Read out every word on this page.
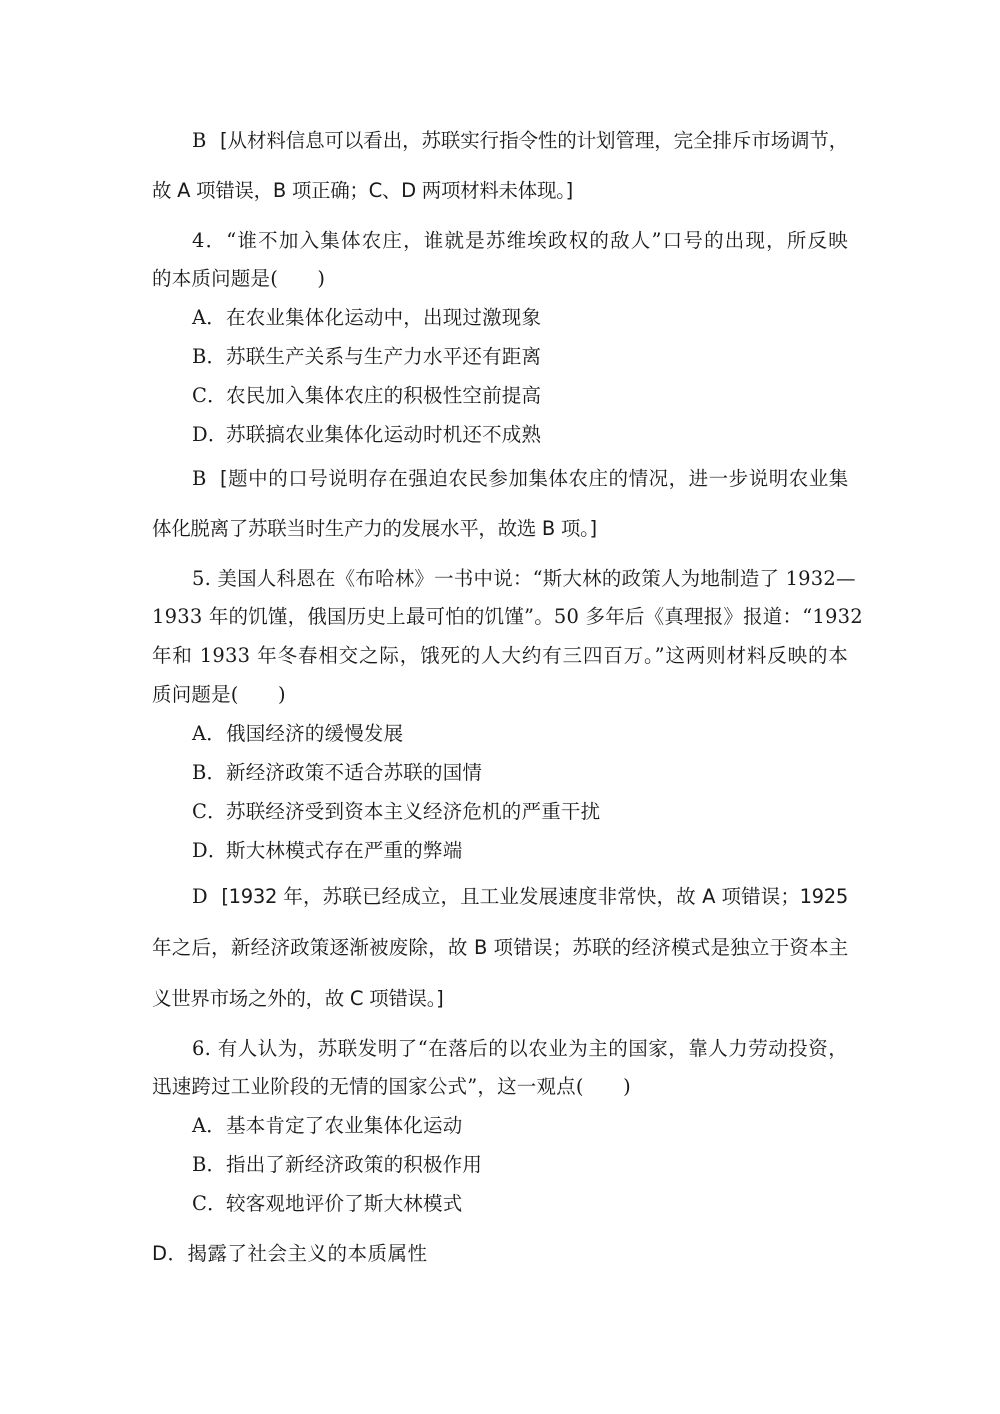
B [从材料信息可以看出，苏联实行指令性的计划管理，完全排斥市场调节，
故 A 项错误，B 项正确；C、D 两项材料未体现。]
4．“谁不加入集体农庄，谁就是苏维埃政权的敌人”口号的出现，所反映
的本质问题是(　　)
A．在农业集体化运动中，出现过激现象
B．苏联生产关系与生产力水平还有距离
C．农民加入集体农庄的积极性空前提高
D．苏联搞农业集体化运动时机还不成熟
B [题中的口号说明存在强迫农民参加集体农庄的情况，进一步说明农业集
体化脱离了苏联当时生产力的发展水平，故选 B 项。]
5. 美国人科恩在《布哈林》一书中说：“斯大林的政策人为地制造了 1932—
1933 年的饥馑，俄国历史上最可怕的饥馑”。50 多年后《真理报》报道：“1932
年和 1933 年冬春相交之际，饿死的人大约有三四百万。”这两则材料反映的本
质问题是(　　)
A．俄国经济的缓慢发展
B．新经济政策不适合苏联的国情
C．苏联经济受到资本主义经济危机的严重干扰
D．斯大林模式存在严重的弊端
D [1932 年，苏联已经成立，且工业发展速度非常快，故 A 项错误；1925
年之后，新经济政策逐渐被废除，故 B 项错误；苏联的经济模式是独立于资本主
义世界市场之外的，故 C 项错误。]
6. 有人认为，苏联发明了“在落后的以农业为主的国家，靠人力劳动投资，
迅速跨过工业阶段的无情的国家公式”，这一观点(　　)
A．基本肯定了农业集体化运动
B．指出了新经济政策的积极作用
C．较客观地评价了斯大林模式
D．揭露了社会主义的本质属性
